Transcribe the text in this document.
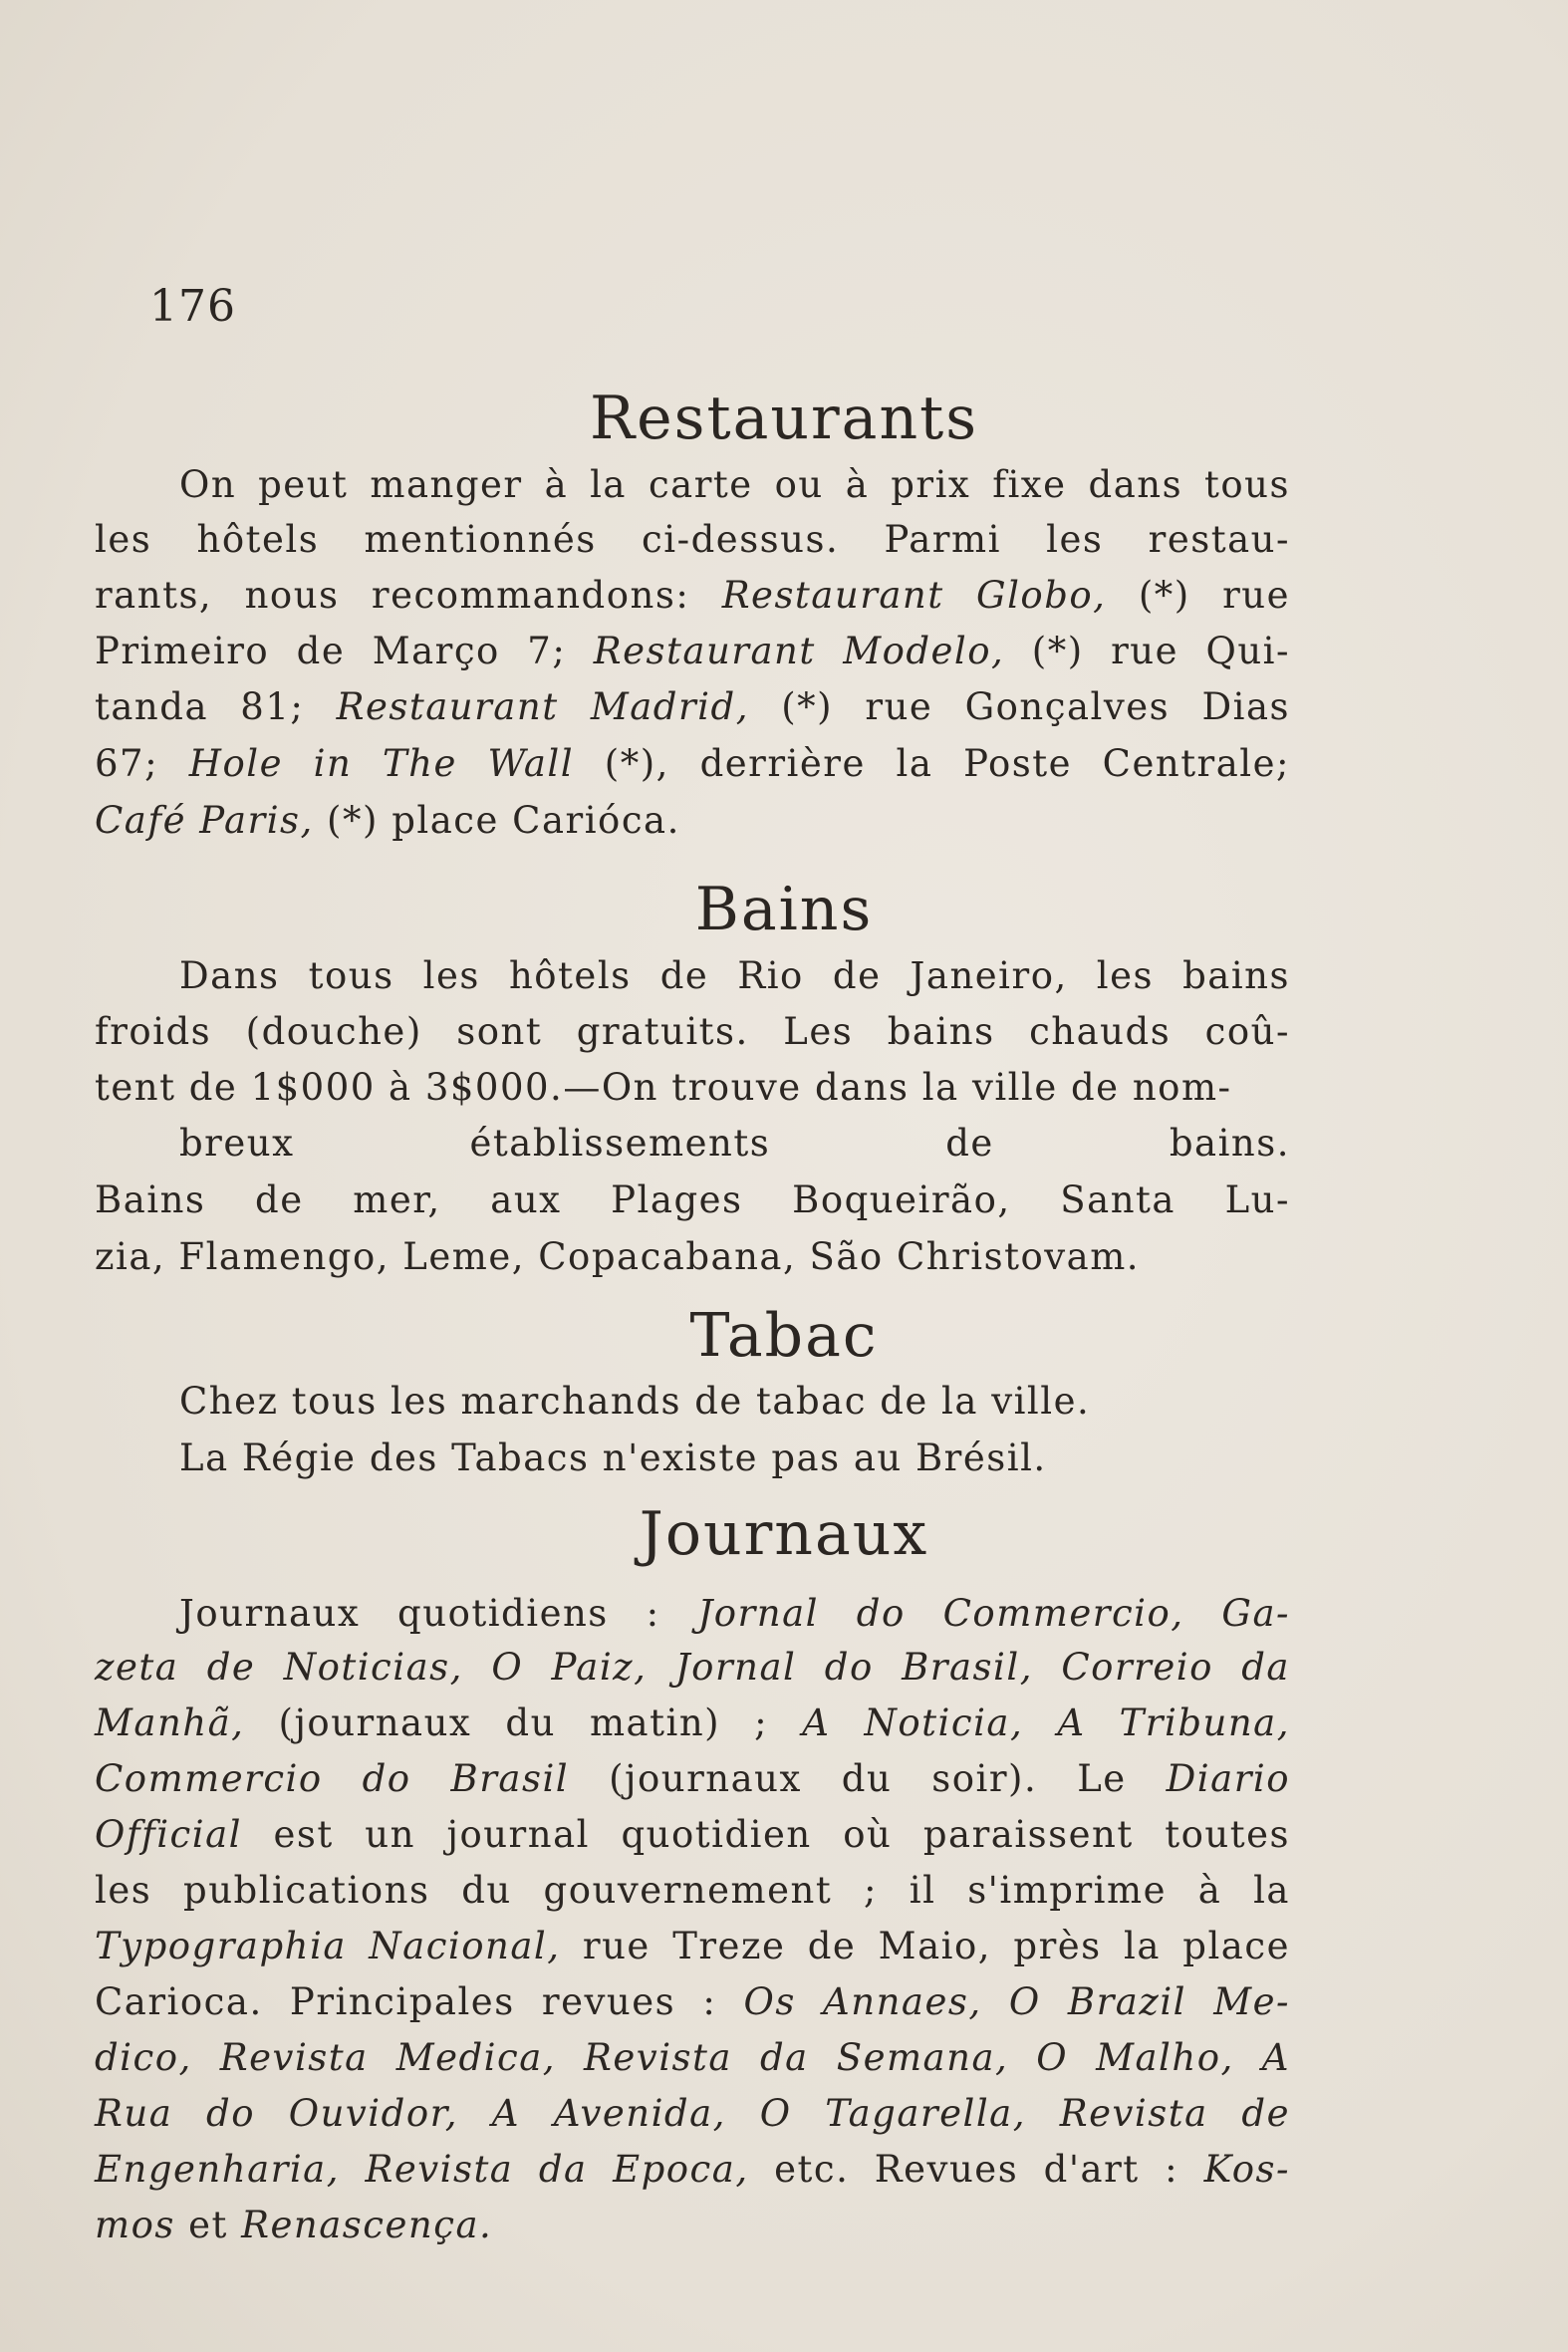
176
Restaurants
Bains
Tabac
Journaux
On peut manger à la carte ou à prix fixe dans tous
les hôtels mentionnés ci-dessus. Parmi les restau-
rants, nous recommandons: Restaurant Globo, (*) rue
Primeiro de Março 7; Restaurant Modelo, (*) rue Qui-
tanda 81; Restaurant Madrid, (*) rue Gonçalves Dias
67; Hole in The Wall (*), derrière la Poste Centrale;
Café Paris, (*) place Carióca.
Dans tous les hôtels de Rio de Janeiro, les bains
froids (douche) sont gratuits. Les bains chauds coû-
tent de 1$000 à 3$000.—On trouve dans la ville de nom-
breux établissements de bains.
Bains de mer, aux Plages Boqueirão, Santa Lu-
zia, Flamengo, Leme, Copacabana, São Christovam.
Chez tous les marchands de tabac de la ville.
La Régie des Tabacs n'existe pas au Brésil.
Journaux quotidiens : Jornal do Commercio, Ga-
zeta de Noticias, O Paiz, Jornal do Brasil, Correio da
Manhã, (journaux du matin) ; A Noticia, A Tribuna,
Commercio do Brasil (journaux du soir). Le Diario
Official est un journal quotidien où paraissent toutes
les publications du gouvernement ; il s'imprime à la
Typographia Nacional, rue Treze de Maio, près la place
Carioca. Principales revues : Os Annaes, O Brazil Me-
dico, Revista Medica, Revista da Semana, O Malho, A
Rua do Ouvidor, A Avenida, O Tagarella, Revista de
Engenharia, Revista da Epoca, etc. Revues d'art : Kos-
mos et Renascença.
